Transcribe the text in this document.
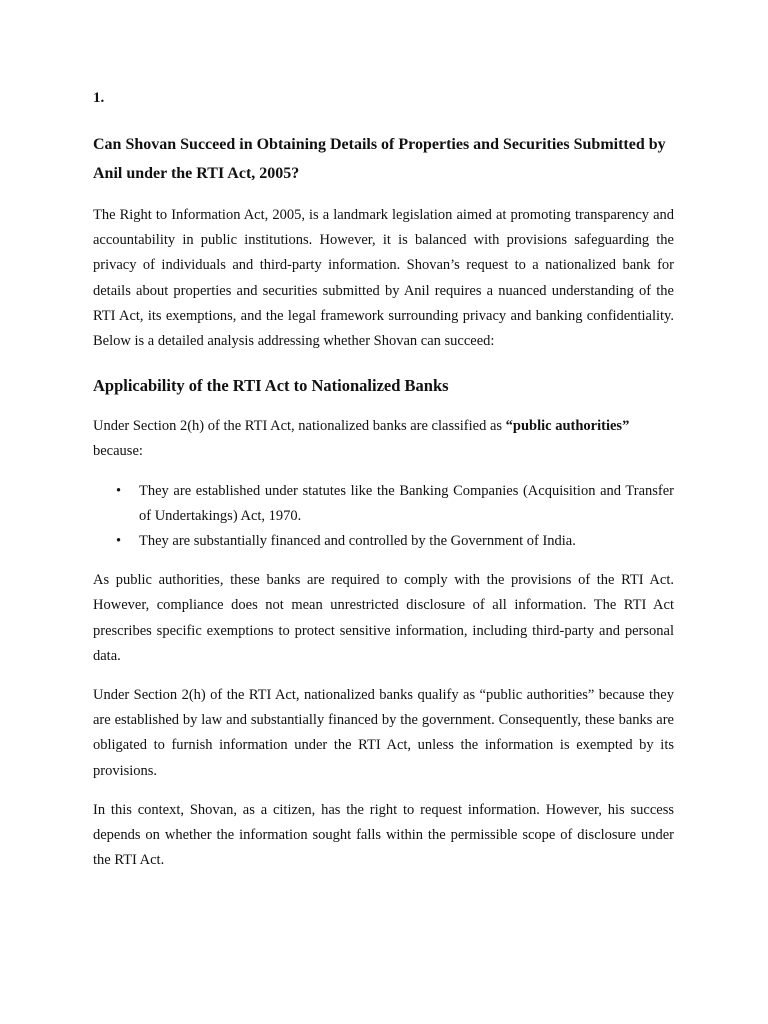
1.
Can Shovan Succeed in Obtaining Details of Properties and Securities Submitted by Anil under the RTI Act, 2005?

The Right to Information Act, 2005, is a landmark legislation aimed at promoting transparency and accountability in public institutions. However, it is balanced with provisions safeguarding the privacy of individuals and third-party information. Shovan’s request to a nationalized bank for details about properties and securities submitted by Anil requires a nuanced understanding of the RTI Act, its exemptions, and the legal framework surrounding privacy and banking confidentiality. Below is a detailed analysis addressing whether Shovan can succeed:

Applicability of the RTI Act to Nationalized Banks

Under Section 2(h) of the RTI Act, nationalized banks are classified as “public authorities”
because:

• They are established under statutes like the Banking Companies (Acquisition and Transfer of Undertakings) Act, 1970.
• They are substantially financed and controlled by the Government of India.

As public authorities, these banks are required to comply with the provisions of the RTI Act. However, compliance does not mean unrestricted disclosure of all information. The RTI Act prescribes specific exemptions to protect sensitive information, including third-party and personal data.

Under Section 2(h) of the RTI Act, nationalized banks qualify as “public authorities” because they are established by law and substantially financed by the government. Consequently, these banks are obligated to furnish information under the RTI Act, unless the information is exempted by its provisions.

In this context, Shovan, as a citizen, has the right to request information. However, his success depends on whether the information sought falls within the permissible scope of disclosure under the RTI Act.
